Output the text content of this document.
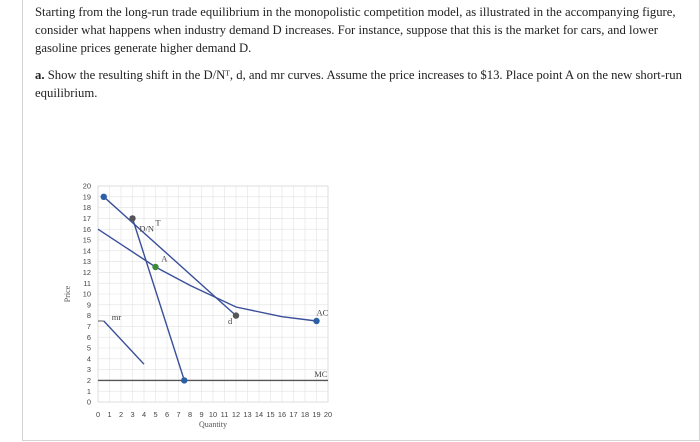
Starting from the long-run trade equilibrium in the monopolistic competition model, as illustrated in the accompanying figure, consider what happens when industry demand D increases. For instance, suppose that this is the market for cars, and lower gasoline prices generate higher demand D.

a. Show the resulting shift in the D/Nᵀ, d, and mr curves. Assume the price increases to $13. Place point A on the new short-run equilibrium.

0 1 2 3 4 5 6 7 8 9 10 11 12 13 14 15 16 17 18 19 20
0
1
2
3
4
5
6
7
8
9
10
11
12
13
14
15
16
17
18
19
20
Quantity
Price
D/N
T
A
mr	d
AC
MC
